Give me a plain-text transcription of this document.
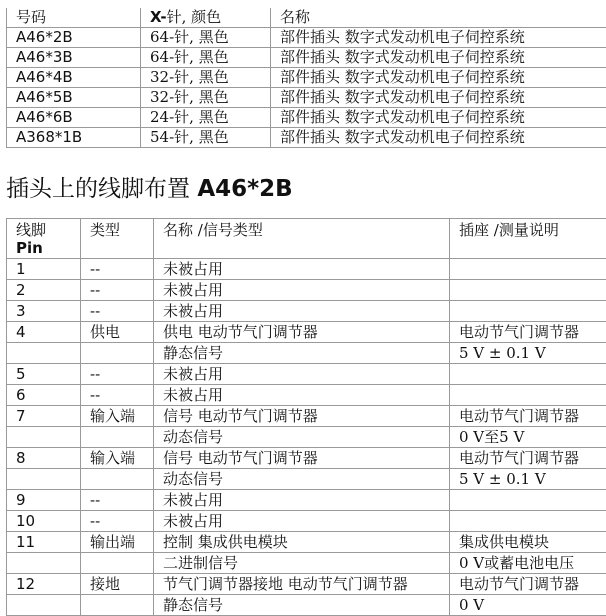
号码	X-针, 颜色	名称
A46*2B	64-针, 黑色	部件插头 数字式发动机电子伺控系统
A46*3B	64-针, 黑色	部件插头 数字式发动机电子伺控系统
A46*4B	32-针, 黑色	部件插头 数字式发动机电子伺控系统
A46*5B	32-针, 黑色	部件插头 数字式发动机电子伺控系统
A46*6B	24-针, 黑色	部件插头 数字式发动机电子伺控系统
A368*1B	54-针, 黑色	部件插头 数字式发动机电子伺控系统
插头上的线脚布置 A46*2B
线脚
Pin	类型	名称 /信号类型	插座 /测量说明
1	--	未被占用	
2	--	未被占用	
3	--	未被占用	
4	供电	供电 电动节气门调节器	电动节气门调节器
		静态信号	5 V ± 0.1 V
5	--	未被占用	
6	--	未被占用	
7	输入端	信号 电动节气门调节器	电动节气门调节器
		动态信号	0 V至5 V
8	输入端	信号 电动节气门调节器	电动节气门调节器
		动态信号	5 V ± 0.1 V
9	--	未被占用	
10	--	未被占用	
11	输出端	控制 集成供电模块	集成供电模块
		二进制信号	0 V或蓄电池电压
12	接地	节气门调节器接地 电动节气门调节器	电动节气门调节器
		静态信号	0 V
